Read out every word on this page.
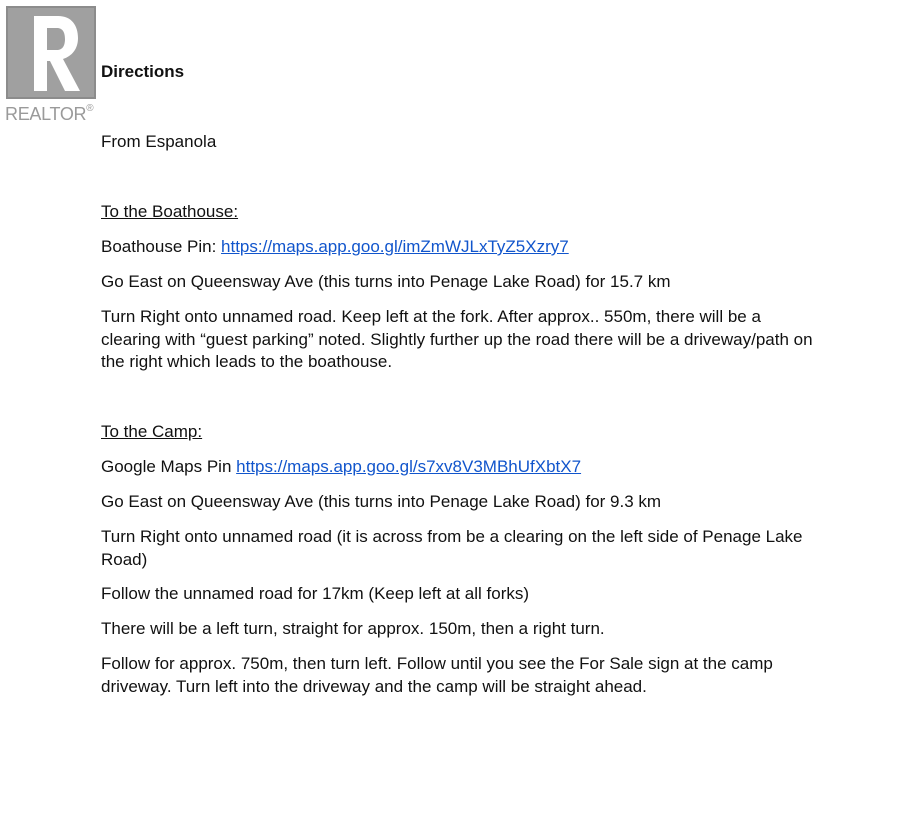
REALTOR®

Directions

From Espanola

To the Boathouse:

Boathouse Pin: https://maps.app.goo.gl/imZmWJLxTyZ5Xzry7

Go East on Queensway Ave (this turns into Penage Lake Road) for 15.7 km

Turn Right onto unnamed road. Keep left at the fork. After approx.. 550m, there will be a clearing with “guest parking” noted. Slightly further up the road there will be a driveway/path on the right which leads to the boathouse.

To the Camp:

Google Maps Pin https://maps.app.goo.gl/s7xv8V3MBhUfXbtX7

Go East on Queensway Ave (this turns into Penage Lake Road) for 9.3 km

Turn Right onto unnamed road (it is across from be a clearing on the left side of Penage Lake Road)

Follow the unnamed road for 17km (Keep left at all forks)

There will be a left turn, straight for approx. 150m, then a right turn.

Follow for approx. 750m, then turn left. Follow until you see the For Sale sign at the camp driveway. Turn left into the driveway and the camp will be straight ahead.
